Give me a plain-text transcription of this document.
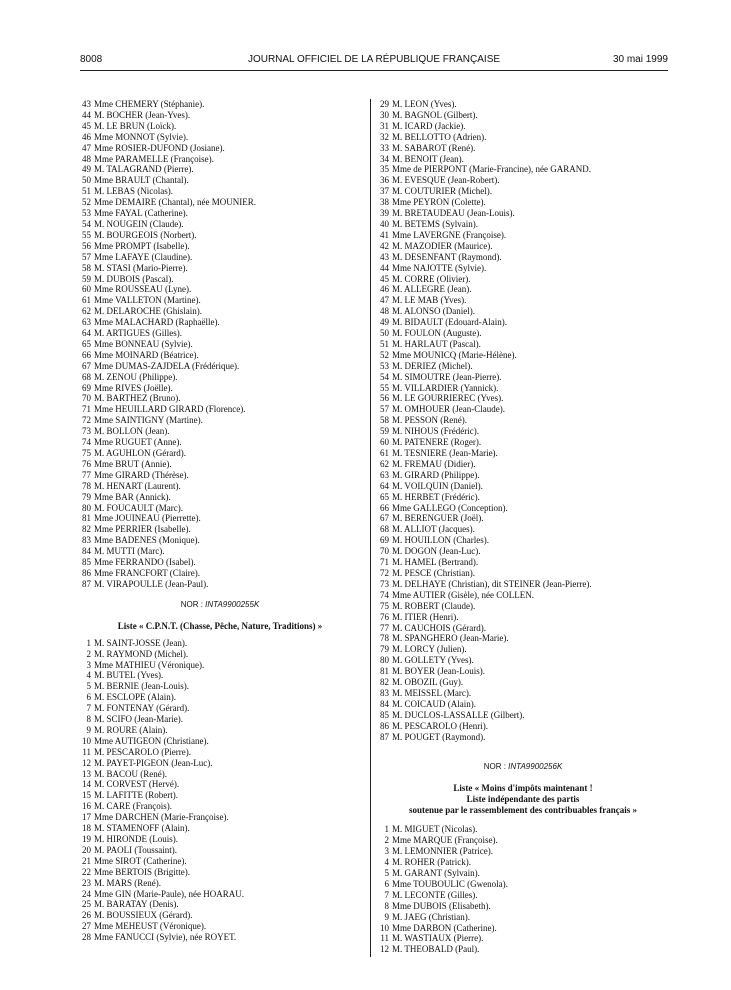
8008	JOURNAL OFFICIEL DE LA RÉPUBLIQUE FRANÇAISE	30 mai 1999
43 Mme CHEMERY (Stéphanie).
44 M. BOCHER (Jean-Yves).
45 M. LE BRUN (Loïck).
46 Mme MONNOT (Sylvie).
47 Mme ROSIER-DUFOND (Josiane).
48 Mme PARAMELLE (Françoise).
49 M. TALAGRAND (Pierre).
50 Mme BRAULT (Chantal).
51 M. LEBAS (Nicolas).
52 Mme DEMAIRE (Chantal), née MOUNIER.
53 Mme FAYAL (Catherine).
54 M. NOUGEIN (Claude).
55 M. BOURGEOIS (Norbert).
56 Mme PROMPT (Isabelle).
57 Mme LAFAYE (Claudine).
58 M. STASI (Mario-Pierre).
59 M. DUBOIS (Pascal).
60 Mme ROUSSEAU (Lyne).
61 Mme VALLETON (Martine).
62 M. DELAROCHE (Ghislain).
63 Mme MALACHARD (Raphaëlle).
64 M. ARTIGUES (Gilles).
65 Mme BONNEAU (Sylvie).
66 Mme MOINARD (Béatrice).
67 Mme DUMAS-ZAJDELA (Frédérique).
68 M. ZENOU (Philippe).
69 Mme RIVES (Joëlle).
70 M. BARTHEZ (Bruno).
71 Mme HEUILLARD GIRARD (Florence).
72 Mme SAINTIGNY (Martine).
73 M. BOLLON (Jean).
74 Mme RUGUET (Anne).
75 M. AGUHLON (Gérard).
76 Mme BRUT (Annie).
77 Mme GIRARD (Thérèse).
78 M. HENART (Laurent).
79 Mme BAR (Annick).
80 M. FOUCAULT (Marc).
81 Mme JOUINEAU (Pierrette).
82 Mme PERRIER (Isabelle).
83 Mme BADENES (Monique).
84 M. MUTTI (Marc).
85 Mme FERRANDO (Isabel).
86 Mme FRANCFORT (Claire).
87 M. VIRAPOULLE (Jean-Paul).
NOR : INTA9900255K
Liste « C.P.N.T. (Chasse, Pêche, Nature, Traditions) »
1 M. SAINT-JOSSE (Jean).
2 M. RAYMOND (Michel).
3 Mme MATHIEU (Véronique).
4 M. BUTEL (Yves).
5 M. BERNIE (Jean-Louis).
6 M. ESCLOPE (Alain).
7 M. FONTENAY (Gérard).
8 M. SCIFO (Jean-Marie).
9 M. ROURE (Alain).
10 Mme AUTIGEON (Christiane).
11 M. PESCAROLO (Pierre).
12 M. PAYET-PIGEON (Jean-Luc).
13 M. BACOU (René).
14 M. CORVEST (Hervé).
15 M. LAFITTE (Robert).
16 M. CARE (François).
17 Mme DARCHEN (Marie-Françoise).
18 M. STAMENOFF (Alain).
19 M. HIRONDE (Louis).
20 M. PAOLI (Toussaint).
21 Mme SIROT (Catherine).
22 Mme BERTOIS (Brigitte).
23 M. MARS (René).
24 Mme GIN (Marie-Paule), née HOARAU.
25 M. BARATAY (Denis).
26 M. BOUSSIEUX (Gérard).
27 Mme MEHEUST (Véronique).
28 Mme FANUCCI (Sylvie), née ROYET.
29 M. LEON (Yves).
30 M. BAGNOL (Gilbert).
31 M. ICARD (Jackie).
32 M. BELLOTTO (Adrien).
33 M. SABAROT (René).
34 M. BENOIT (Jean).
35 Mme de PIERPONT (Marie-Francine), née GARAND.
36 M. EVESQUE (Jean-Robert).
37 M. COUTURIER (Michel).
38 Mme PEYRON (Colette).
39 M. BRETAUDEAU (Jean-Louis).
40 M. BETEMS (Sylvain).
41 Mme LAVERGNE (Françoise).
42 M. MAZODIER (Maurice).
43 M. DESENFANT (Raymond).
44 Mme NAJOTTE (Sylvie).
45 M. CORRE (Olivier).
46 M. ALLEGRE (Jean).
47 M. LE MAB (Yves).
48 M. ALONSO (Daniel).
49 M. BIDAULT (Edouard-Alain).
50 M. FOULON (Auguste).
51 M. HARLAUT (Pascal).
52 Mme MOUNICQ (Marie-Hélène).
53 M. DERIEZ (Michel).
54 M. SIMOUTRE (Jean-Pierre).
55 M. VILLARDIER (Yannick).
56 M. LE GOURRIEREC (Yves).
57 M. OMHOUER (Jean-Claude).
58 M. PESSON (René).
59 M. NIHOUS (Frédéric).
60 M. PATENERE (Roger).
61 M. TESNIERE (Jean-Marie).
62 M. FREMAU (Didier).
63 M. GIRARD (Philippe).
64 M. VOILQUIN (Daniel).
65 M. HERBET (Frédéric).
66 Mme GALLEGO (Conception).
67 M. BERENGUER (Joël).
68 M. ALLIOT (Jacques).
69 M. HOUILLON (Charles).
70 M. DOGON (Jean-Luc).
71 M. HAMEL (Bertrand).
72 M. PESCE (Christian).
73 M. DELHAYE (Christian), dit STEINER (Jean-Pierre).
74 Mme AUTIER (Gisèle), née COLLEN.
75 M. ROBERT (Claude).
76 M. ITIER (Henri).
77 M. CAUCHOIS (Gérard).
78 M. SPANGHERO (Jean-Marie).
79 M. LORCY (Julien).
80 M. GOLLETY (Yves).
81 M. BOYER (Jean-Louis).
82 M. OBOZIL (Guy).
83 M. MEISSEL (Marc).
84 M. COICAUD (Alain).
85 M. DUCLOS-LASSALLE (Gilbert).
86 M. PESCAROLO (Henri).
87 M. POUGET (Raymond).
NOR : INTA9900256K
Liste « Moins d'impôts maintenant !
Liste indépendante des partis
soutenue par le rassemblement des contribuables français »
1 M. MIGUET (Nicolas).
2 Mme MARQUE (Françoise).
3 M. LEMONNIER (Patrice).
4 M. ROHER (Patrick).
5 M. GARANT (Sylvain).
6 Mme TOUBOULIC (Gwenola).
7 M. LECONTE (Gilles).
8 Mme DUBOIS (Elisabeth).
9 M. JAEG (Christian).
10 Mme DARBON (Catherine).
11 M. WASTIAUX (Pierre).
12 M. THEOBALD (Paul).
